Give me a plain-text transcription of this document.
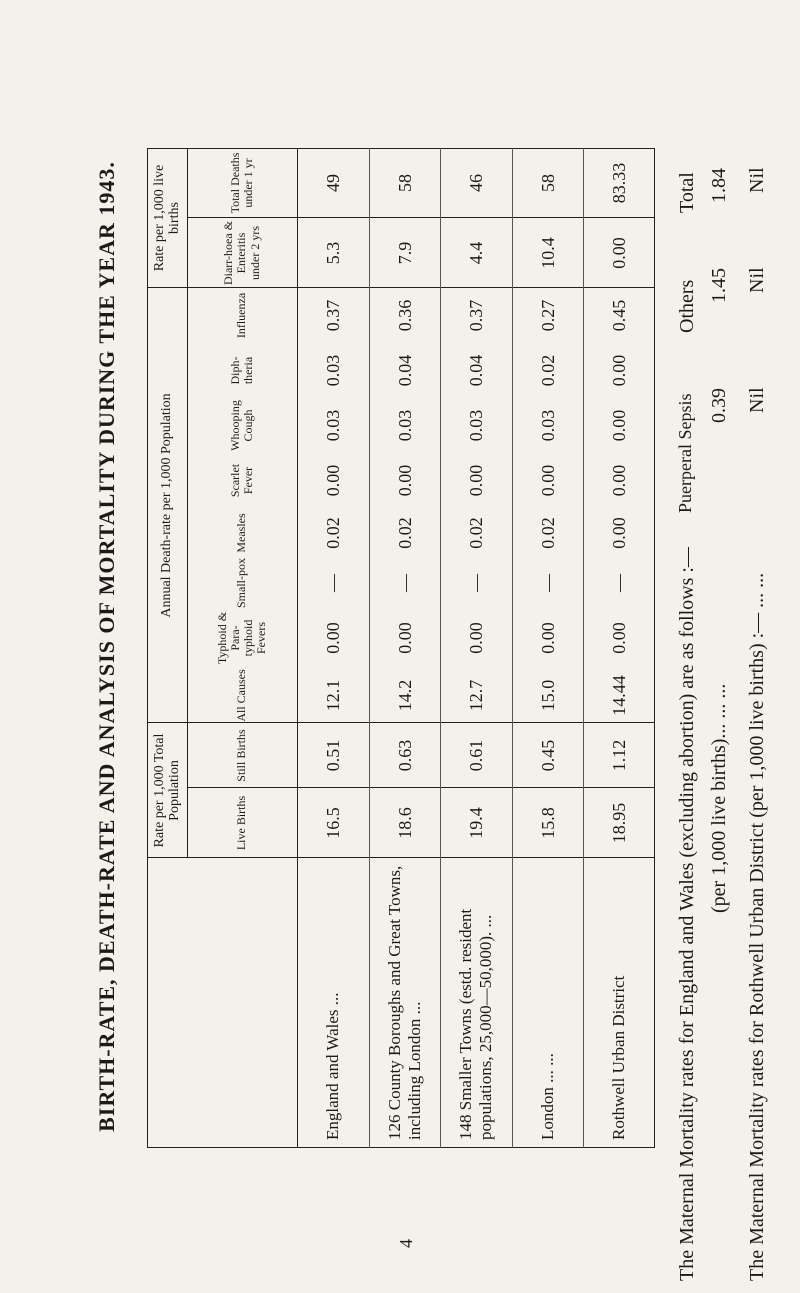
BIRTH-RATE, DEATH-RATE AND ANALYSIS OF MORTALITY DURING THE YEAR 1943.	Rate per 1,000 Total Population
Annual Death-rate per 1,000 Population
Rate per 1,000 live births
Live Births
Still Births
All Causes
Typhoid & Para-typhoid Fevers
Small-pox
Measles
Scarlet Fever
Whooping Cough
Diph-theria
Influenza
Diarr-hoea & Enteritis under 2 yrs
Total Deaths under 1 yr
England and Wales ...
16.5
0.51
12.1
0.00
—
0.02
0.00
0.03
0.03
0.37
5.3
49
126 County Boroughs and Great Towns, including London ...
18.6
0.63
14.2
0.00
—
0.02
0.00
0.03
0.04
0.36
7.9
58
148 Smaller Towns (estd. resident populations, 25,000—50,000). ...
19.4
0.61
12.7
0.00
—
0.02
0.00
0.03
0.04
0.37
4.4
46
London ... ...
15.8
0.45
15.0
0.00
—
0.02
0.00
0.03
0.02
0.27
10.4
58
Rothwell Urban District
18.95
1.12
14.44
0.00
—
0.00
0.00
0.00
0.00
0.45
0.00
83.33
The Maternal Mortality rates for England and Wales (excluding abortion) are as follows :—
Total
Others
Puerperal Sepsis
(per 1,000 live births)... ... ...
0.39
1.45
1.84
The Maternal Mortality rates for Rothwell Urban District (per 1,000 live births) :— ... ...
Nil
Nil
Nil
4
